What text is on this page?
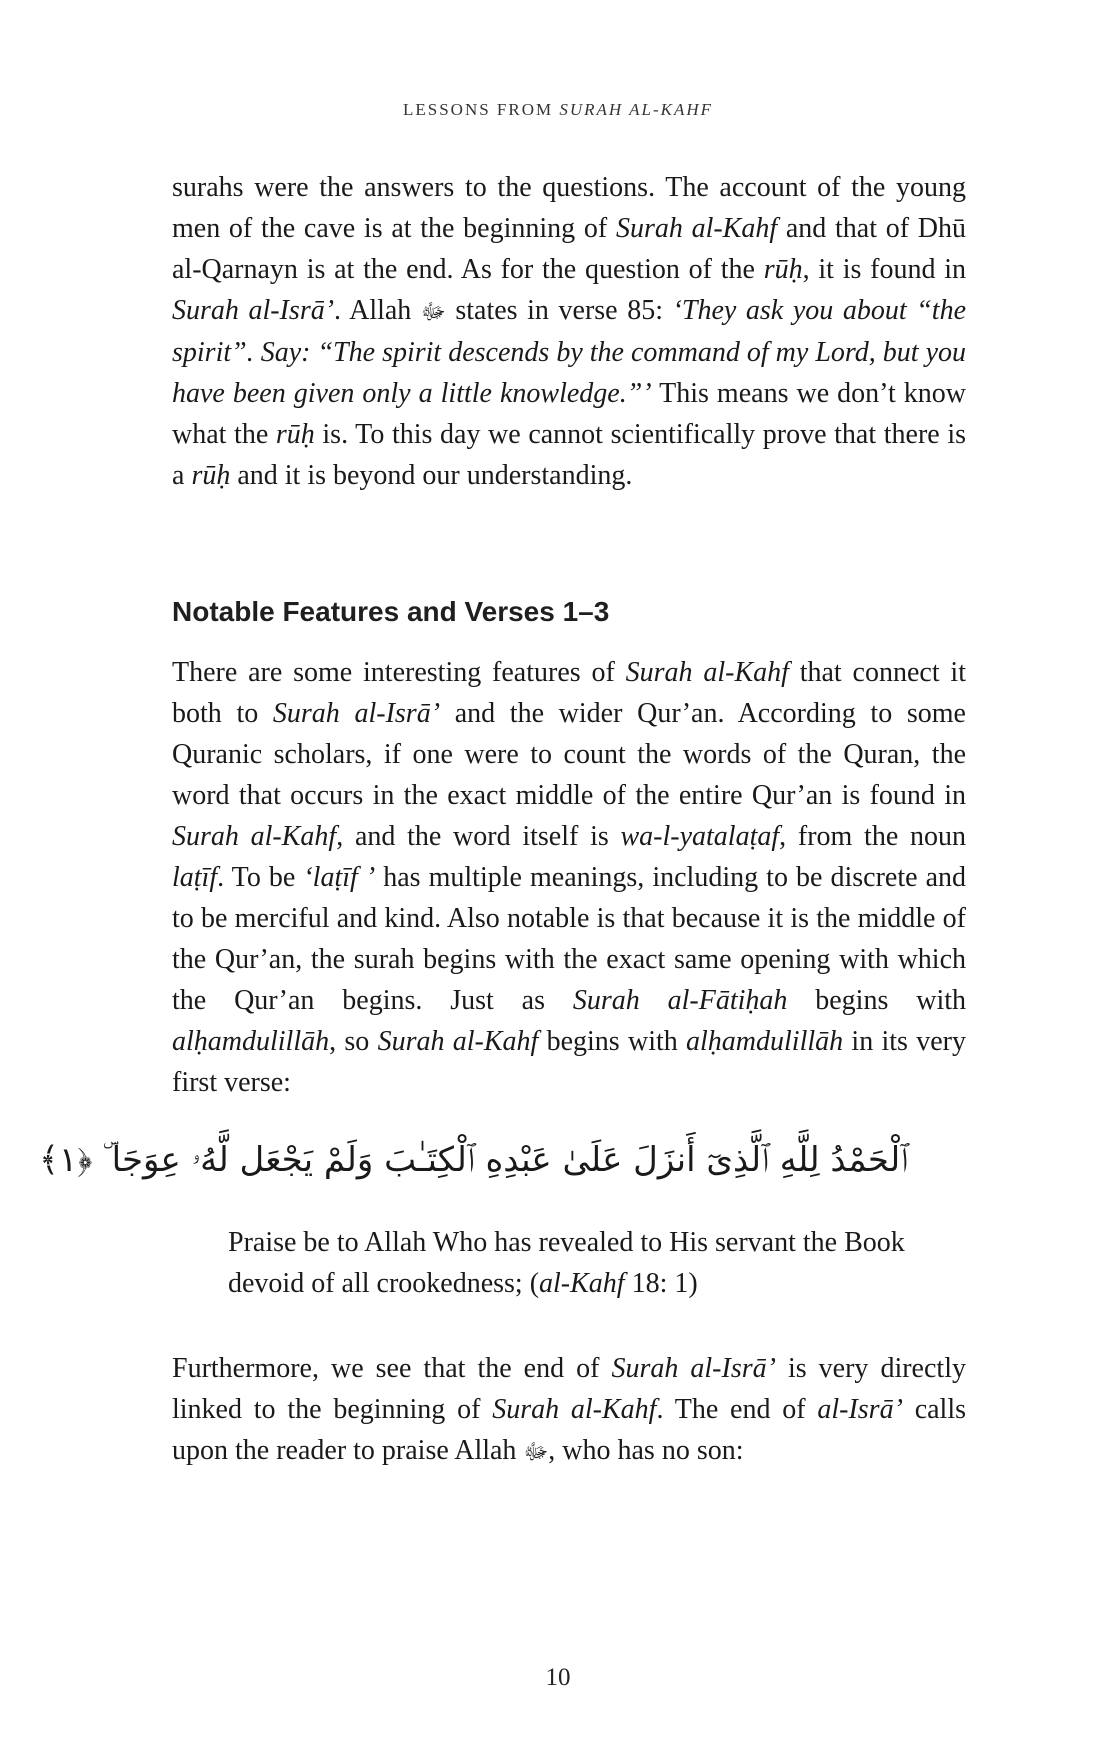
LESSONS FROM SURAH AL-KAHF

surahs were the answers to the questions. The account of the young men of the cave is at the beginning of Surah al-Kahf and that of Dhū al-Qarnayn is at the end. As for the question of the rūḥ, it is found in Surah al-Isrā’. Allah ﷻ states in verse 85: ‘They ask you about “the spirit”. Say: “The spirit descends by the command of my Lord, but you have been given only a little knowledge.”’ This means we don’t know what the rūḥ is. To this day we cannot scientifically prove that there is a rūḥ and it is beyond our understanding.

Notable Features and Verses 1–3

There are some interesting features of Surah al-Kahf that connect it both to Surah al-Isrā’ and the wider Qur’an. According to some Quranic scholars, if one were to count the words of the Quran, the word that occurs in the exact middle of the entire Qur’an is found in Surah al-Kahf, and the word itself is wa-l-yatalaṭaf, from the noun laṭīf. To be ‘laṭīf ’ has multiple meanings, including to be discrete and to be merciful and kind. Also notable is that because it is the middle of the Qur’an, the surah begins with the exact same opening with which the Qur’an begins. Just as Surah al-Fātiḥah begins with alḥamdulillāh, so Surah al-Kahf begins with alḥamdulillāh in its very first verse:

ٱلْحَمْدُ لِلَّهِ ٱلَّذِىٓ أَنزَلَ عَلَىٰ عَبْدِهِ ٱلْكِتَـٰبَ وَلَمْ يَجْعَل لَّهُۥ عِوَجَا ۜ ﴿١﴾

Praise be to Allah Who has revealed to His servant the Book devoid of all crookedness; (al-Kahf 18: 1)

Furthermore, we see that the end of Surah al-Isrā’ is very directly linked to the beginning of Surah al-Kahf. The end of al-Isrā’ calls upon the reader to praise Allah ﷻ, who has no son:

10
